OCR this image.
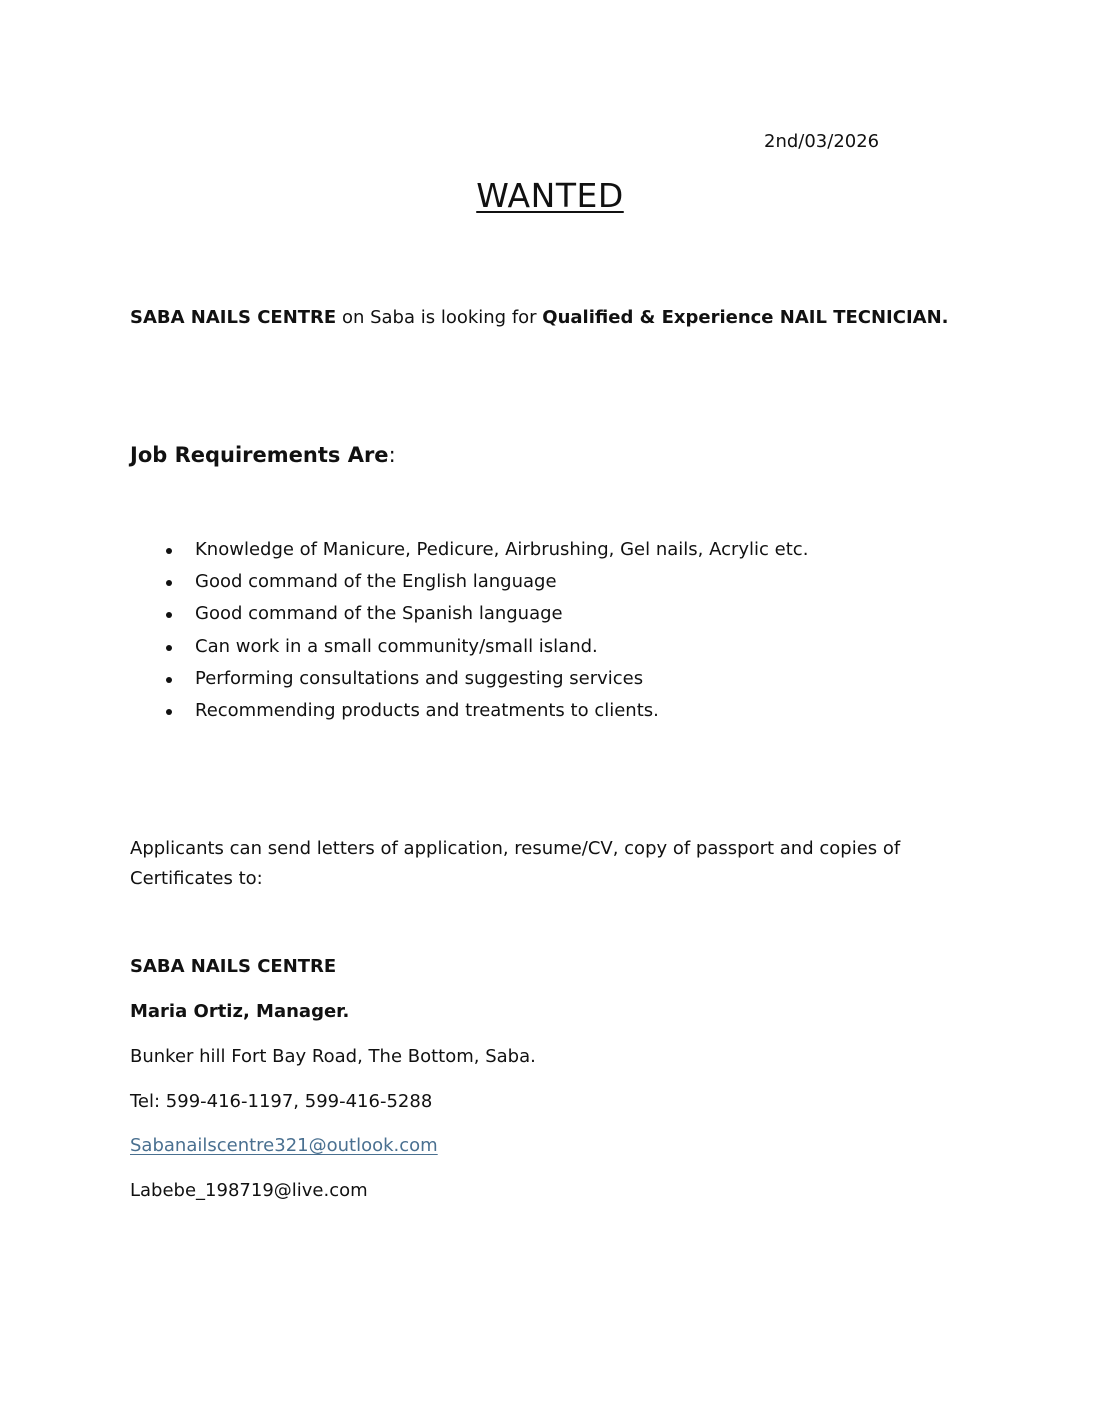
2nd/03/2026
WANTED
SABA NAILS CENTRE on Saba is looking for Qualified & Experience NAIL TECNICIAN.
Job Requirements Are:
Knowledge of Manicure, Pedicure, Airbrushing, Gel nails, Acrylic etc.
Good command of the English language
Good command of the Spanish language
Can work in a small community/small island.
Performing consultations and suggesting services
Recommending products and treatments to clients.
Applicants can send letters of application, resume/CV, copy of passport and copies of
Certificates to:
SABA NAILS CENTRE
Maria Ortiz, Manager.
Bunker hill Fort Bay Road, The Bottom, Saba.
Tel: 599-416-1197, 599-416-5288
Sabanailscentre321@outlook.com
Labebe_198719@live.com
